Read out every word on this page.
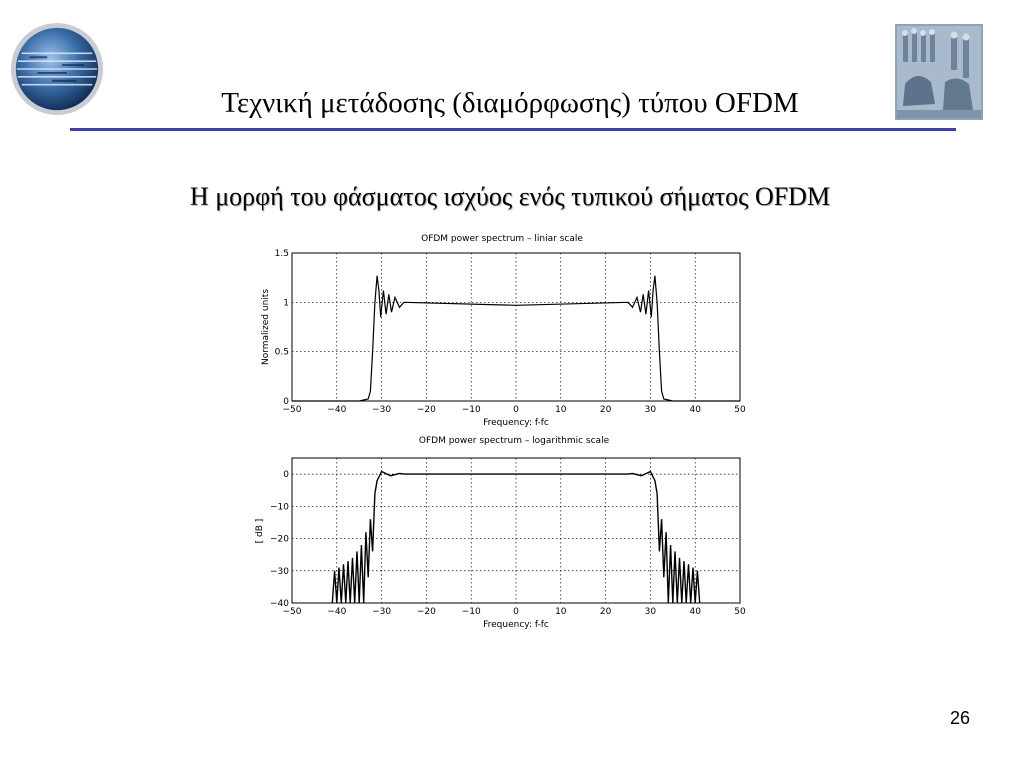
Τεχνική μετάδοσης (διαμόρφωσης) τύπου OFDM
Η μορφή του φάσματος ισχύος ενός τυπικού σήματος OFDM
OFDM power spectrum – liniar scale
−50	−40	−30	−20	−10	0	10	20	30	40	50
0
0.5
1
1.5
Frequency: f-fc
Normalized units
OFDM power spectrum – logarithmic scale
−50	−40	−30	−20	−10	0	10	20	30	40	50
0
−10
−20
−30
−40
Frequency: f-fc
[ dB ]
26
